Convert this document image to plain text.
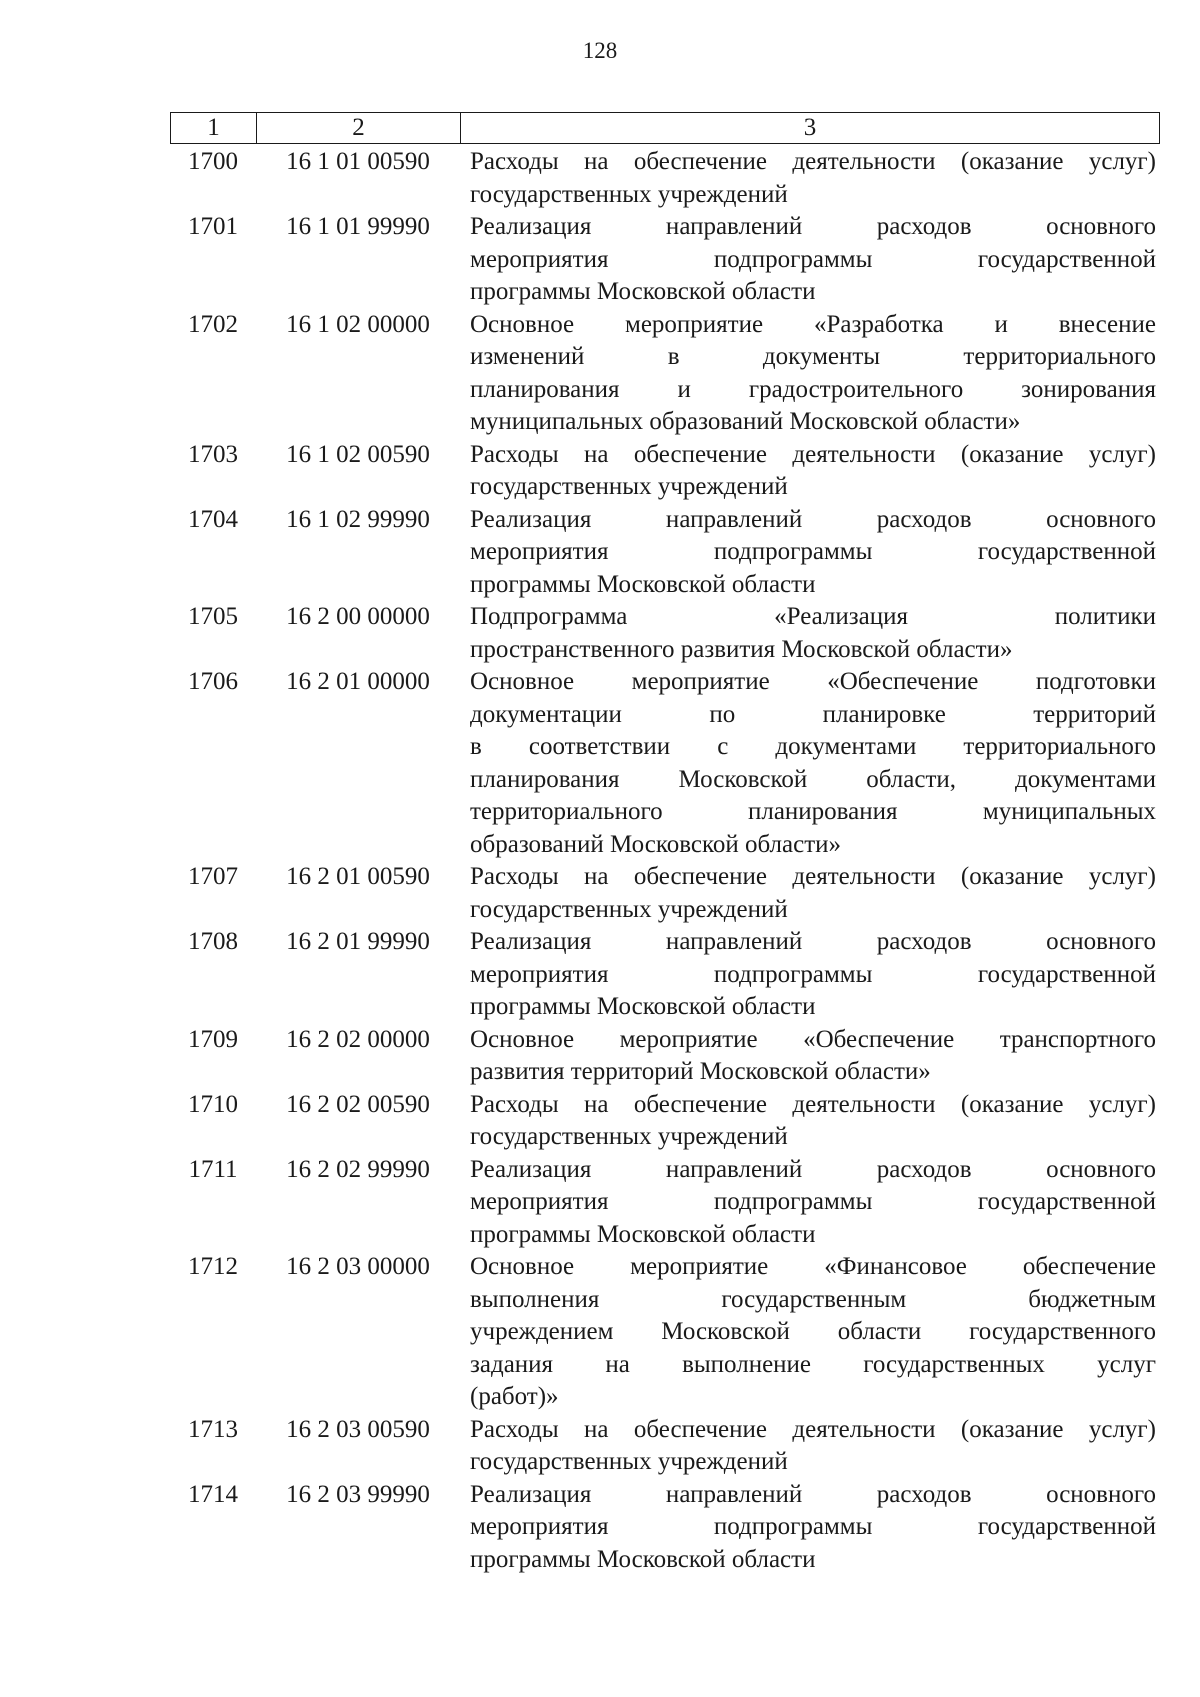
128
1	2	3
1700	16 1 01 00590	Расходы на обеспечение деятельности (оказание услуг)
государственных учреждений
1701	16 1 01 99990	Реализация направлений расходов основного
мероприятия подпрограммы государственной
программы Московской области
1702	16 1 02 00000	Основное мероприятие «Разработка и внесение
изменений в документы территориального
планирования и градостроительного зонирования
муниципальных образований Московской области»
1703	16 1 02 00590	Расходы на обеспечение деятельности (оказание услуг)
государственных учреждений
1704	16 1 02 99990	Реализация направлений расходов основного
мероприятия подпрограммы государственной
программы Московской области
1705	16 2 00 00000	Подпрограмма «Реализация политики
пространственного развития Московской области»
1706	16 2 01 00000	Основное мероприятие «Обеспечение подготовки
документации по планировке территорий
в соответствии с документами территориального
планирования Московской области, документами
территориального планирования муниципальных
образований Московской области»
1707	16 2 01 00590	Расходы на обеспечение деятельности (оказание услуг)
государственных учреждений
1708	16 2 01 99990	Реализация направлений расходов основного
мероприятия подпрограммы государственной
программы Московской области
1709	16 2 02 00000	Основное мероприятие «Обеспечение транспортного
развития территорий Московской области»
1710	16 2 02 00590	Расходы на обеспечение деятельности (оказание услуг)
государственных учреждений
1711	16 2 02 99990	Реализация направлений расходов основного
мероприятия подпрограммы государственной
программы Московской области
1712	16 2 03 00000	Основное мероприятие «Финансовое обеспечение
выполнения государственным бюджетным
учреждением Московской области государственного
задания на выполнение государственных услуг
(работ)»
1713	16 2 03 00590	Расходы на обеспечение деятельности (оказание услуг)
государственных учреждений
1714	16 2 03 99990	Реализация направлений расходов основного
мероприятия подпрограммы государственной
программы Московской области
